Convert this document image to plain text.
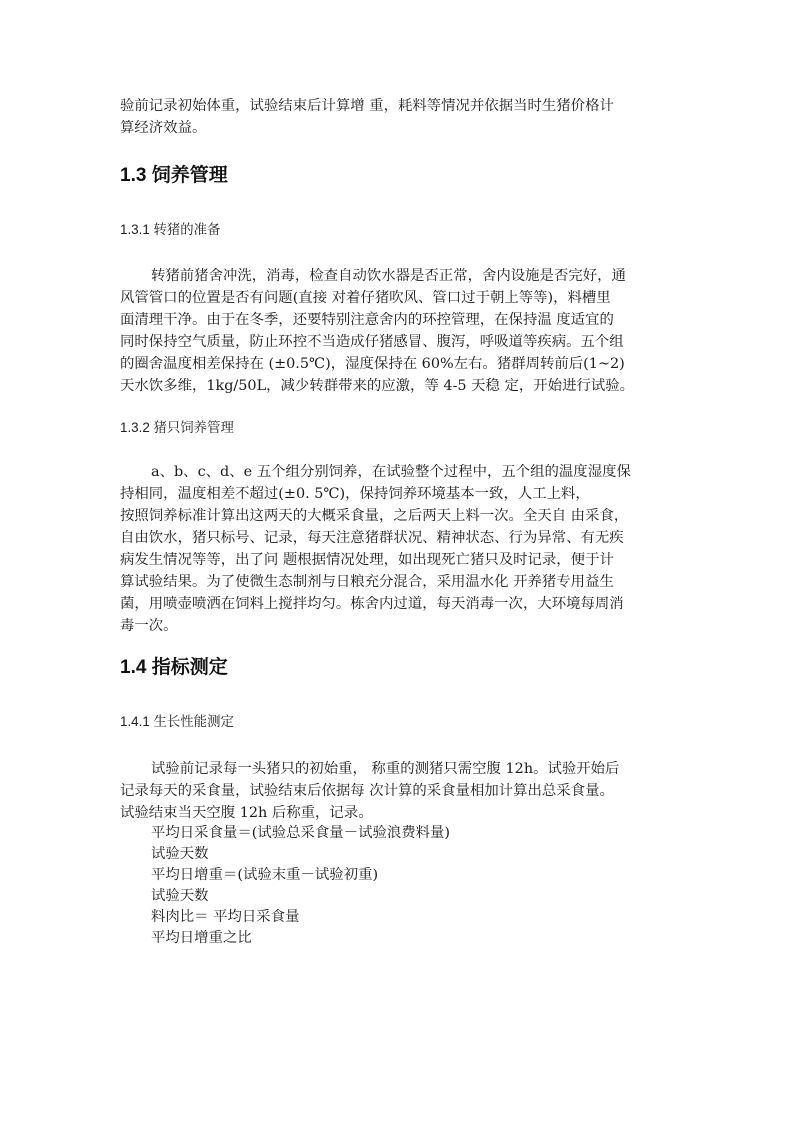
验前记录初始体重，试验结束后计算增 重，耗料等情况并依据当时生猪价格计
算经济效益。
1.3 饲养管理
1.3.1 转猪的准备
转猪前猪舍冲洗，消毒，检查自动饮水器是否正常，舍内设施是否完好，通
风管管口的位置是否有问题(直接 对着仔猪吹风、管口过于朝上等等)，料槽里
面清理干净。由于在冬季，还要特别注意舍内的环控管理，在保持温 度适宜的
同时保持空气质量，防止环控不当造成仔猪感冒、腹泻，呼吸道等疾病。五个组
的圈舍温度相差保持在 (±0.5℃)，湿度保持在 60%左右。猪群周转前后(1~2)
天水饮多维，1kg/50L，减少转群带来的应激，等 4-5 天稳 定，开始进行试验。
1.3.2 猪只饲养管理
a、b、c、d、e 五个组分别饲养，在试验整个过程中，五个组的温度湿度保
持相同，温度相差不超过(±0. 5℃)，保持饲养环境基本一致，人工上料，
按照饲养标准计算出这两天的大概采食量，之后两天上料一次。全天自 由采食，
自由饮水，猪只标号、记录，每天注意猪群状况、精神状态、行为异常、有无疾
病发生情况等等，出了问 题根据情况处理，如出现死亡猪只及时记录，便于计
算试验结果。为了使微生态制剂与日粮充分混合，采用温水化 开养猪专用益生
菌，用喷壶喷洒在饲料上搅拌均匀。栋舍内过道，每天消毒一次，大环境每周消
毒一次。
1.4 指标测定
1.4.1 生长性能测定
试验前记录每一头猪只的初始重， 称重的测猪只需空腹 12h。试验开始后
记录每天的采食量，试验结束后依据每 次计算的采食量相加计算出总采食量。
试验结束当天空腹 12h 后称重，记录。
平均日采食量＝(试验总采食量－试验浪费料量)
试验天数
平均日增重＝(试验末重－试验初重)
试验天数
料肉比＝ 平均日采食量
平均日增重之比
